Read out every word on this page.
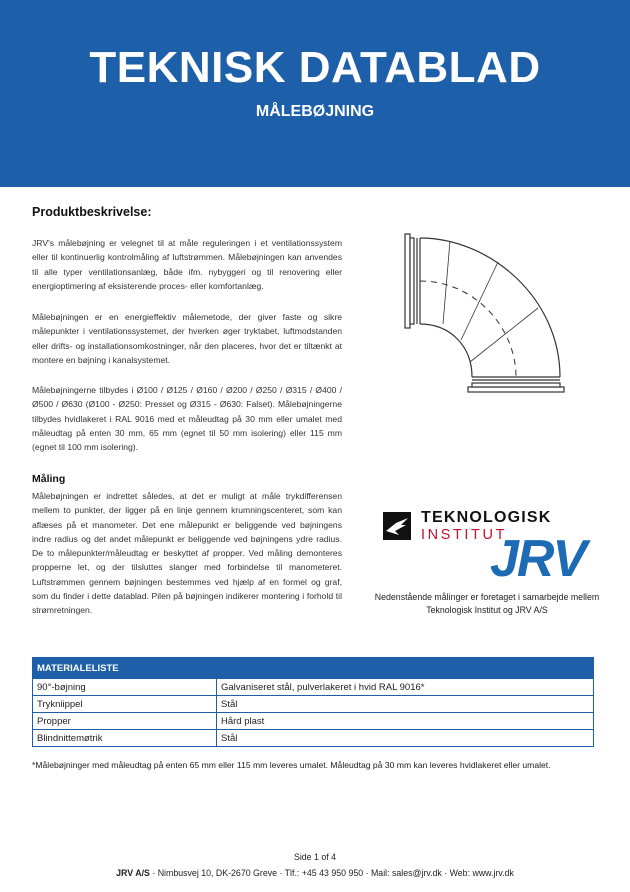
TEKNISK DATABLAD
MÅLEBØJNING
Produktbeskrivelse:

JRV's målebøjning er velegnet til at måle reguleringen i et ventilationssystem eller til kontinuerlig kontrolmåling af luftstrømmen. Målebøjningen kan anvendes til alle typer ventilationsanlæg, både ifm. nybyggeri og til renovering eller energioptimering af eksisterende proces- eller komfortanlæg.

Målebøjningen er en energieffektiv målemetode, der giver faste og sikre målepunkter i ventilationssystemet, der hverken øger tryktabet, luftmodstanden eller drifts- og installationsomkostninger, når den placeres, hvor det er tiltænkt at montere en bøjning i kanalsystemet.

Målebøjningerne tilbydes i Ø100 / Ø125 / Ø160 / Ø200 / Ø250 / Ø315 / Ø400 / Ø500 / Ø630 (Ø100 - Ø250: Presset og Ø315 - Ø630: Falset). Målebøjningerne tilbydes hvidlakeret i RAL 9016 med et måleudtag på 30 mm eller umalet med måleudtag på enten 30 mm, 65 mm (egnet til 50 mm isolering) eller 115 mm (egnet til 100 mm isolering).

Måling

Målebøjningen er indrettet således, at det er muligt at måle trykdifferensen mellem to punkter, der ligger på en linje gennem krumningscenteret, som kan aflæses på et manometer. Det ene målepunkt er beliggende ved bøjningens indre radius og det andet målepunkt er beliggende ved bøjningens ydre radius. De to målepunkter/måleudtag er beskyttet af propper. Ved måling demonteres propperne let, og der tilsluttes slanger med forbindelse til manometeret. Luftstrømmen gennem bøjningen bestemmes ved hjælp af en formel og graf, som du finder i dette datablad. Pilen på bøjningen indikerer montering i forhold til strømretningen.

TEKNOLOGISK
INSTITUT
JRV
Nedenstående målinger er foretaget i samarbejde mellem Teknologisk Institut og JRV A/S
MATERIALELISTE	
90°-bøjning	Galvaniseret stål, pulverlakeret i hvid RAL 9016*
Trykniippel	Stål
Propper	Hård plast
Blindnittemøtrik	Stål
*Målebøjninger med måleudtag på enten 65 mm eller 115 mm leveres umalet. Måleudtag på 30 mm kan leveres hvidlakeret eller umalet.
Side 1 of 4
JRV A/S · Nimbusvej 10, DK-2670 Greve · Tlf.: +45 43 950 950 · Mail: sales@jrv.dk · Web: www.jrv.dk
